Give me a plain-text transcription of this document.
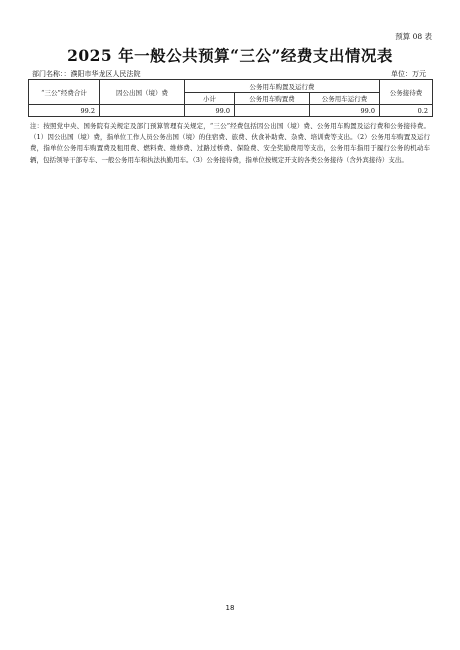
预算 08 表
2025 年一般公共预算“三公”经费支出情况表
部门名称：：濮阳市华龙区人民法院	单位：万元
“三公”经费合计	因公出国（境）费	公务用车购置及运行费			公务接待费
		小计	公务用车购置费	公务用车运行费	
99.2		99.0		99.0	0.2
注：按照党中央、国务院有关规定及部门预算管理有关规定，“三公”经费包括因公出国（境）费、公务用车购置及运行费和公务接待费。（1）因公出国（境）费，指单位工作人员公务出国（境）的住宿费、旅费、伙食补助费、杂费、培训费等支出。（2）公务用车购置及运行费，指单位公务用车购置费及租用费、燃料费、维修费、过路过桥费、保险费、安全奖励费用等支出，公务用车指用于履行公务的机动车辆，包括领导干部专车、一般公务用车和执法执勤用车。（3）公务接待费，指单位按规定开支的各类公务接待（含外宾接待）支出。
18
